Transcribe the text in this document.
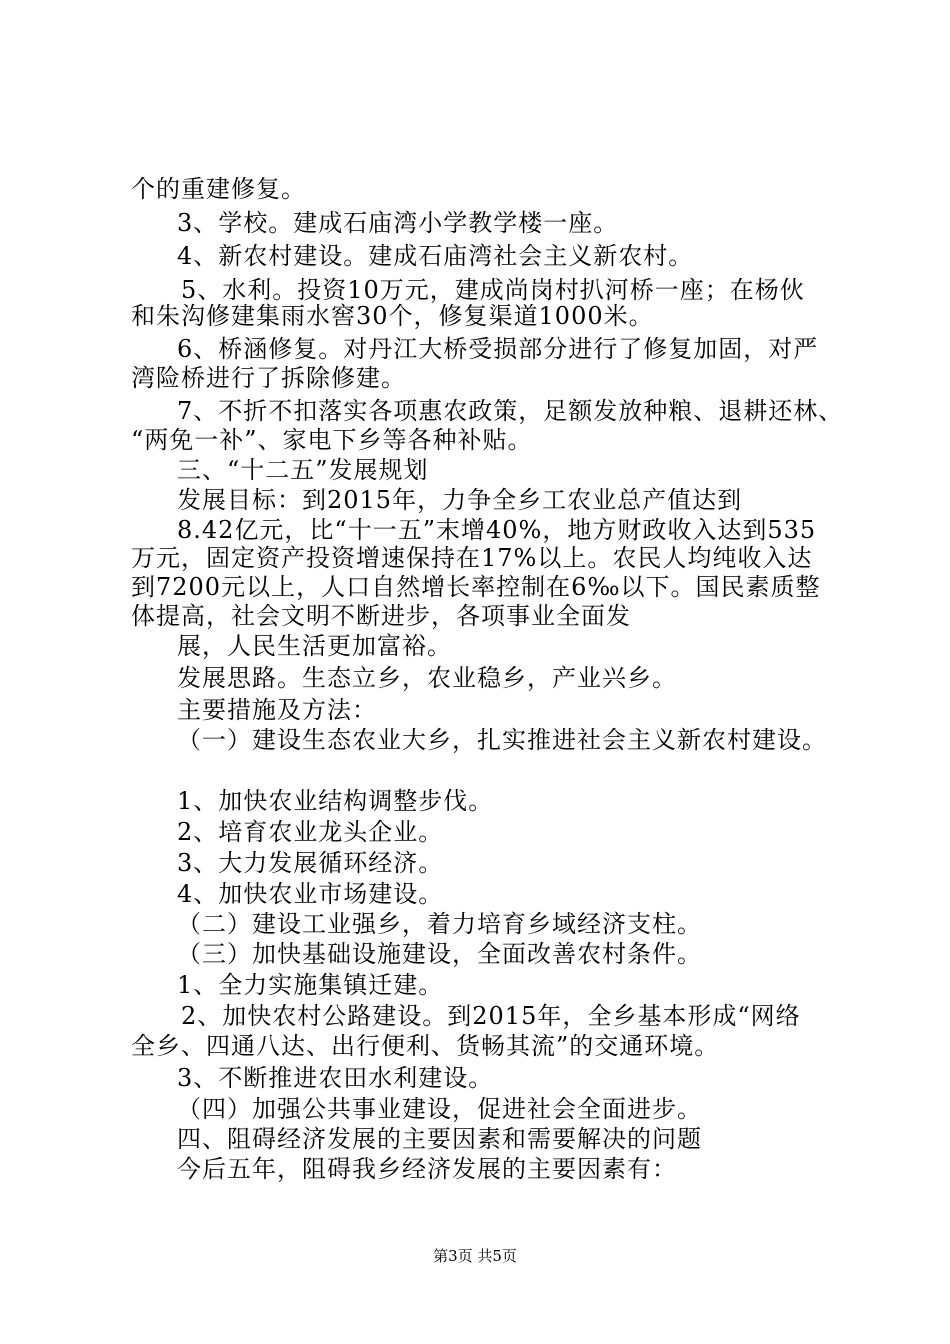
个的重建修复。
3、学校。建成石庙湾小学教学楼一座。
4、新农村建设。建成石庙湾社会主义新农村。
5、水利。投资10万元，建成尚岗村扒河桥一座；在杨伙
和朱沟修建集雨水窖30个，修复渠道1000米。
6、桥涵修复。对丹江大桥受损部分进行了修复加固，对严
湾险桥进行了拆除修建。
7、不折不扣落实各项惠农政策，足额发放种粮、退耕还林、
“两免一补”、家电下乡等各种补贴。
三、“十二五”发展规划
发展目标：到2015年，力争全乡工农业总产值达到
8.42亿元，比“十一五”末增40%，地方财政收入达到535
万元，固定资产投资增速保持在17%以上。农民人均纯收入达
到7200元以上，人口自然增长率控制在6‰以下。国民素质整
体提高，社会文明不断进步，各项事业全面发
展，人民生活更加富裕。
发展思路。生态立乡，农业稳乡，产业兴乡。
主要措施及方法：
（一）建设生态农业大乡，扎实推进社会主义新农村建设。
1、加快农业结构调整步伐。
2、培育农业龙头企业。
3、大力发展循环经济。
4、加快农业市场建设。
（二）建设工业强乡，着力培育乡域经济支柱。
（三）加快基础设施建设，全面改善农村条件。
1、全力实施集镇迁建。
2、加快农村公路建设。到2015年，全乡基本形成“网络
全乡、四通八达、出行便利、货畅其流”的交通环境。
3、不断推进农田水利建设。
（四）加强公共事业建设，促进社会全面进步。
四、阻碍经济发展的主要因素和需要解决的问题
今后五年，阻碍我乡经济发展的主要因素有：
第3页 共5页
